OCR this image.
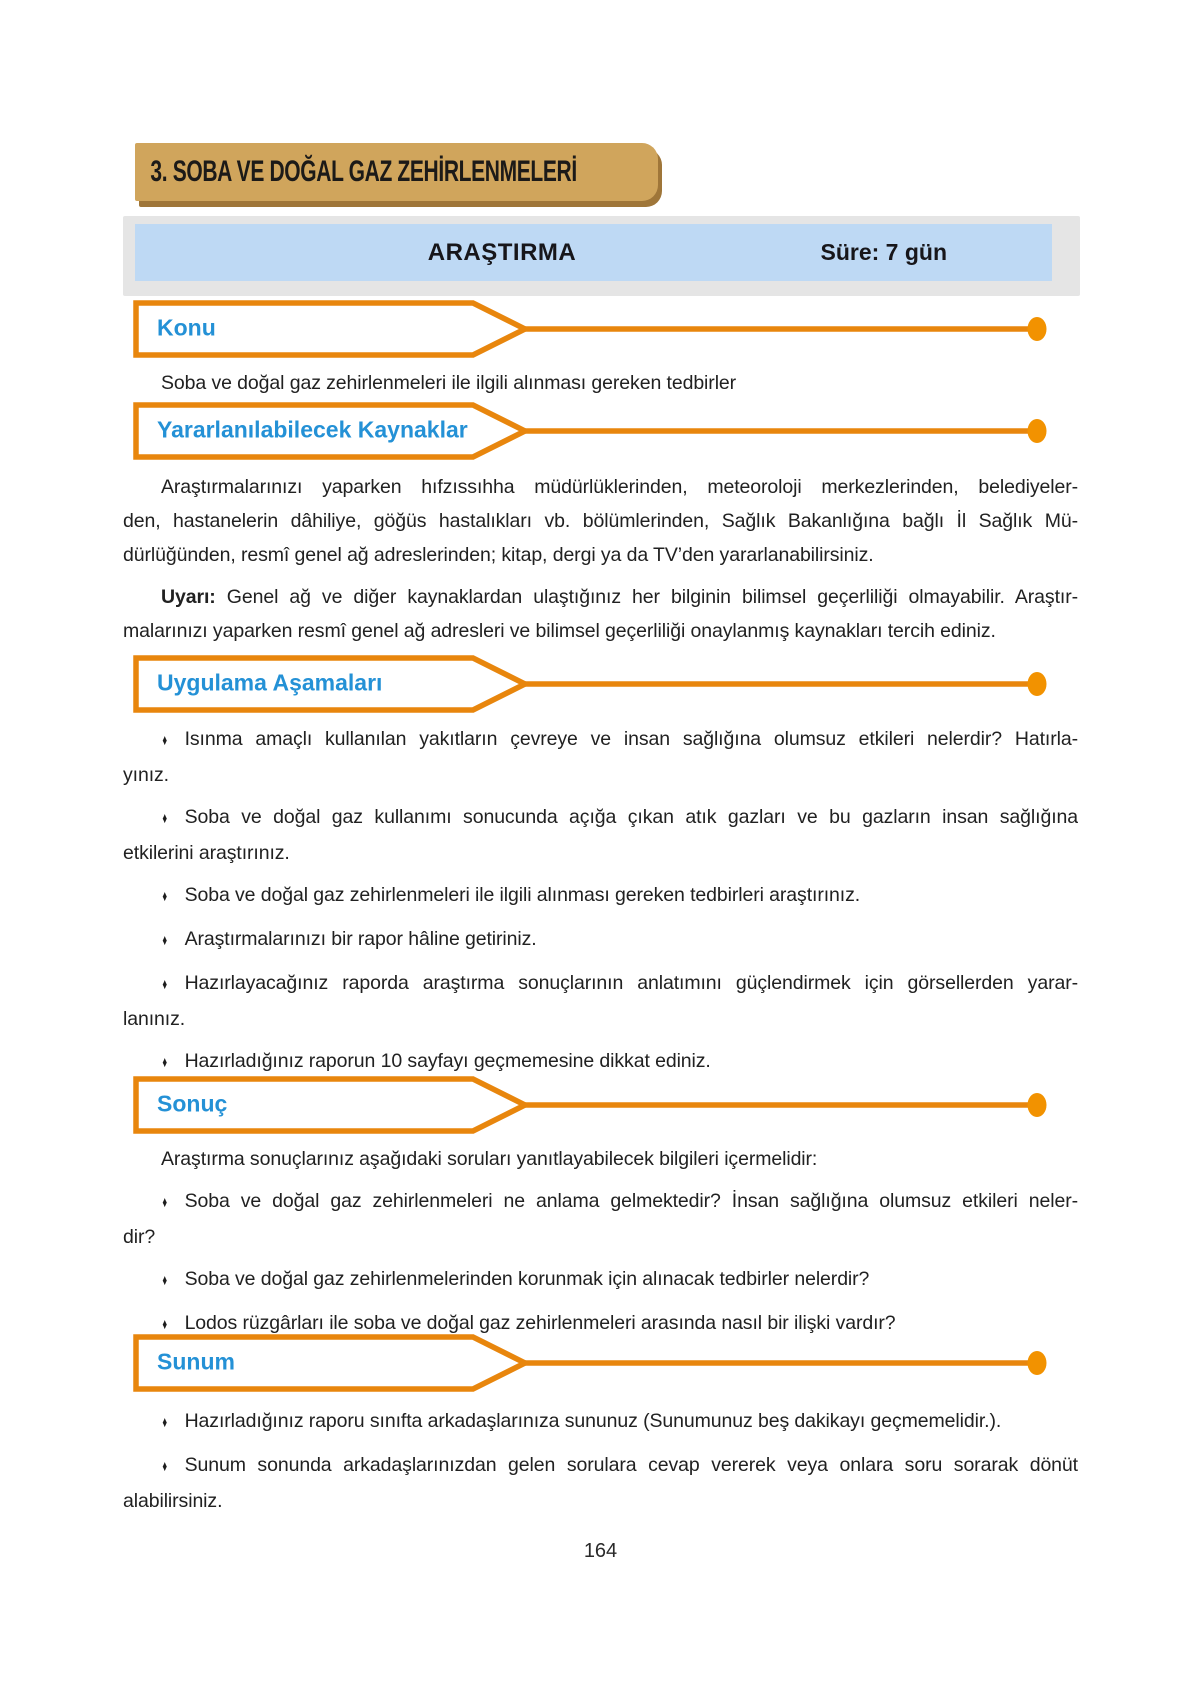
3. SOBA VE DOĞAL GAZ ZEHİRLENMELERİ
ARAŞTIRMA	Süre: 7 gün
Konu
Soba ve doğal gaz zehirlenmeleri ile ilgili alınması gereken tedbirler
Yararlanılabilecek Kaynaklar
Araştırmalarınızı yaparken hıfzıssıhha müdürlüklerinden, meteoroloji merkezlerinden, belediyeler-
den, hastanelerin dâhiliye, göğüs hastalıkları vb. bölümlerinden, Sağlık Bakanlığına bağlı İl Sağlık Mü-
dürlüğünden, resmî genel ağ adreslerinden; kitap, dergi ya da TV’den yararlanabilirsiniz.
Uyarı: Genel ağ ve diğer kaynaklardan ulaştığınız her bilginin bilimsel geçerliliği olmayabilir. Araştır-
malarınızı yaparken resmî genel ağ adresleri ve bilimsel geçerliliği onaylanmış kaynakları tercih ediniz.
Uygulama Aşamaları
♦ Isınma amaçlı kullanılan yakıtların çevreye ve insan sağlığına olumsuz etkileri nelerdir? Hatırla-
yınız.
♦ Soba ve doğal gaz kullanımı sonucunda açığa çıkan atık gazları ve bu gazların insan sağlığına
etkilerini araştırınız.
♦ Soba ve doğal gaz zehirlenmeleri ile ilgili alınması gereken tedbirleri araştırınız.
♦ Araştırmalarınızı bir rapor hâline getiriniz.
♦ Hazırlayacağınız raporda araştırma sonuçlarının anlatımını güçlendirmek için görsellerden yarar-
lanınız.
♦ Hazırladığınız raporun 10 sayfayı geçmemesine dikkat ediniz.
Sonuç
Araştırma sonuçlarınız aşağıdaki soruları yanıtlayabilecek bilgileri içermelidir:
♦ Soba ve doğal gaz zehirlenmeleri ne anlama gelmektedir? İnsan sağlığına olumsuz etkileri neler-
dir?
♦ Soba ve doğal gaz zehirlenmelerinden korunmak için alınacak tedbirler nelerdir?
♦ Lodos rüzgârları ile soba ve doğal gaz zehirlenmeleri arasında nasıl bir ilişki vardır?
Sunum
♦ Hazırladığınız raporu sınıfta arkadaşlarınıza sununuz (Sunumunuz beş dakikayı geçmemelidir.).
♦ Sunum sonunda arkadaşlarınızdan gelen sorulara cevap vererek veya onlara soru sorarak dönüt
alabilirsiniz.
164
